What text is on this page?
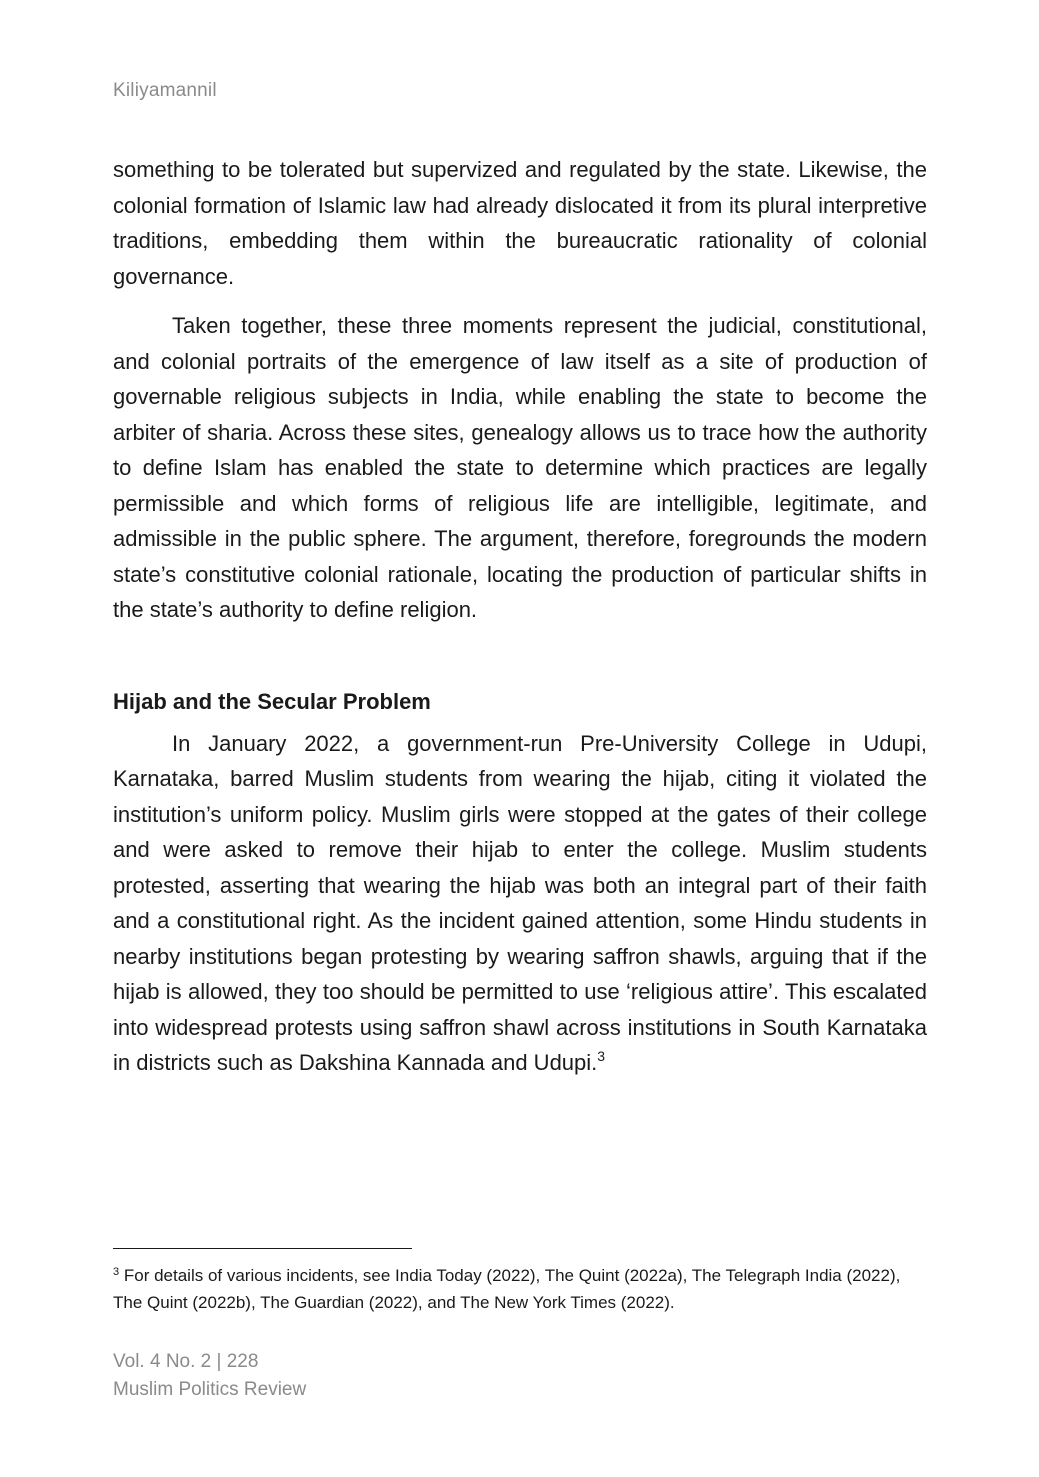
Kiliyamannil

something to be tolerated but supervized and regulated by the state. Likewise, the colonial formation of Islamic law had already dislocated it from its plural interpretive traditions, embedding them within the bureaucratic rationality of colonial governance.

Taken together, these three moments represent the judicial, constitutional, and colonial portraits of the emergence of law itself as a site of production of governable religious subjects in India, while enabling the state to become the arbiter of sharia. Across these sites, genealogy allows us to trace how the authority to define Islam has enabled the state to determine which practices are legally permissible and which forms of religious life are intelligible, legitimate, and admissible in the public sphere. The argument, therefore, foregrounds the modern state’s constitutive colonial rationale, locating the production of particular shifts in the state’s authority to define religion.

Hijab and the Secular Problem

In January 2022, a government-run Pre-University College in Udupi, Karnataka, barred Muslim students from wearing the hijab, citing it violated the institution’s uniform policy. Muslim girls were stopped at the gates of their college and were asked to remove their hijab to enter the college. Muslim students protested, asserting that wearing the hijab was both an integral part of their faith and a constitutional right. As the incident gained attention, some Hindu students in nearby institutions began protesting by wearing saffron shawls, arguing that if the hijab is allowed, they too should be permitted to use ‘religious attire’. This escalated into widespread protests using saffron shawl across institutions in South Karnataka in districts such as Dakshina Kannada and Udupi.$^3$

$^3$ For details of various incidents, see India Today (2022), The Quint (2022a), The Telegraph India (2022), The Quint (2022b), The Guardian (2022), and The New York Times (2022).

Vol. 4 No. 2 | 228
Muslim Politics Review
